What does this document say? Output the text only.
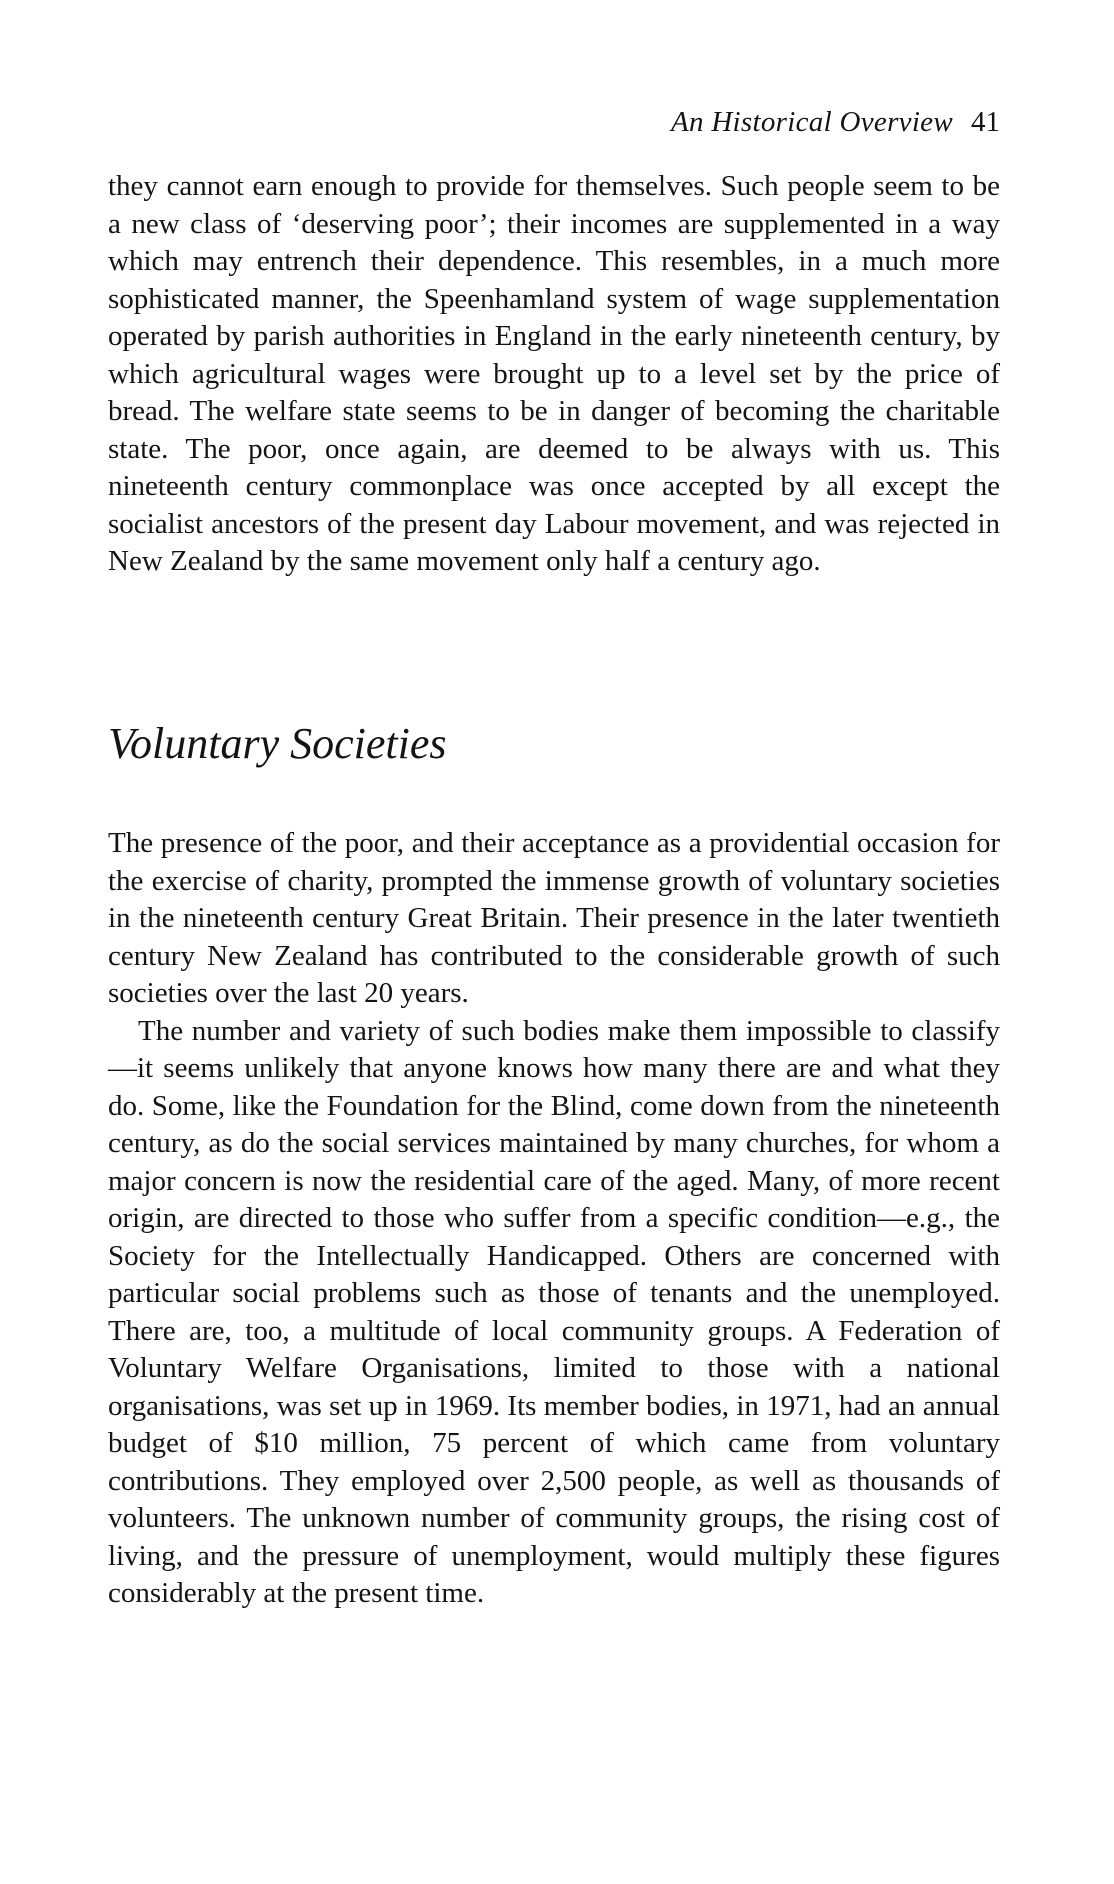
An Historical Overview 41

they cannot earn enough to provide for themselves. Such people seem to be a new class of ‘deserving poor’; their incomes are supplemented in a way which may entrench their dependence. This resembles, in a much more sophisticated manner, the Speenhamland system of wage supplementation operated by parish authorities in England in the early nineteenth century, by which agricultural wages were brought up to a level set by the price of bread. The welfare state seems to be in danger of becoming the charitable state. The poor, once again, are deemed to be always with us. This nineteenth century commonplace was once accepted by all except the socialist ancestors of the present day Labour movement, and was rejected in New Zealand by the same movement only half a century ago.

Voluntary Societies

The presence of the poor, and their acceptance as a providential occasion for the exercise of charity, prompted the immense growth of voluntary societies in the nineteenth century Great Britain. Their presence in the later twentieth century New Zealand has contributed to the considerable growth of such societies over the last 20 years.

The number and variety of such bodies make them impossible to classify—it seems unlikely that anyone knows how many there are and what they do. Some, like the Foundation for the Blind, come down from the nineteenth century, as do the social services maintained by many churches, for whom a major concern is now the residential care of the aged. Many, of more recent origin, are directed to those who suffer from a specific condition—e.g., the Society for the Intellectually Handicapped. Others are concerned with particular social problems such as those of tenants and the unemployed. There are, too, a multitude of local community groups. A Federation of Voluntary Welfare Organisations, limited to those with a national organisations, was set up in 1969. Its member bodies, in 1971, had an annual budget of $10 million, 75 percent of which came from voluntary contributions. They employed over 2,500 people, as well as thousands of volunteers. The unknown number of community groups, the rising cost of living, and the pressure of unemployment, would multiply these figures considerably at the present time.
